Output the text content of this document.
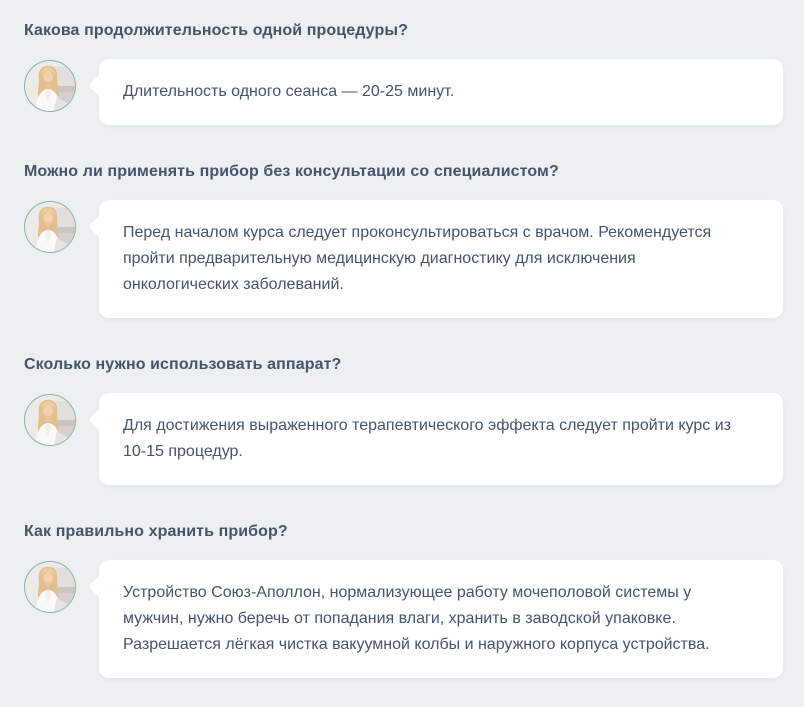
Какова продолжительность одной процедуры?
Длительность одного сеанса — 20-25 минут.
Можно ли применять прибор без консультации со специалистом?
Перед началом курса следует проконсультироваться с врачом. Рекомендуется пройти предварительную медицинскую диагностику для исключения онкологических заболеваний.
Сколько нужно использовать аппарат?
Для достижения выраженного терапевтического эффекта следует пройти курс из 10-15 процедур.
Как правильно хранить прибор?
Устройство Союз-Аполлон, нормализующее работу мочеполовой системы у мужчин, нужно беречь от попадания влаги, хранить в заводской упаковке. Разрешается лёгкая чистка вакуумной колбы и наружного корпуса устройства.
